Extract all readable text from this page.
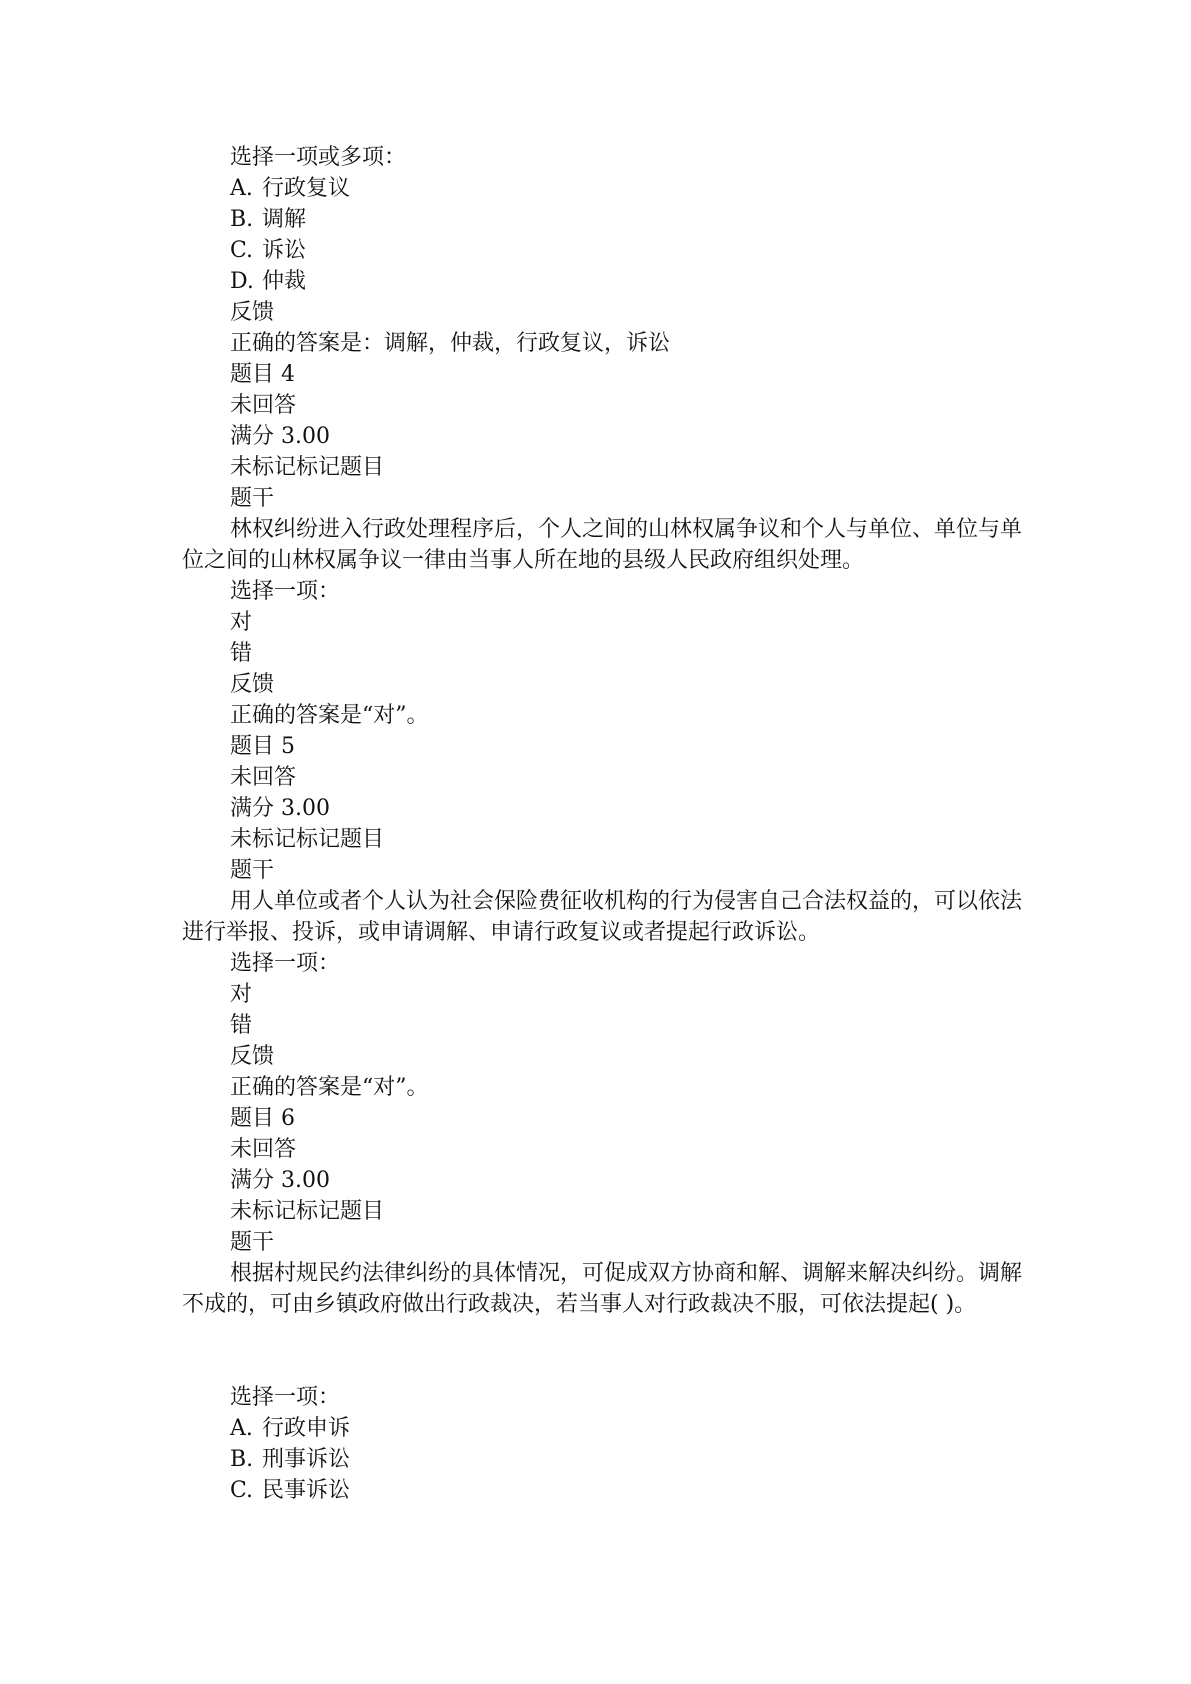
选择一项或多项：
A. 行政复议
B. 调解
C. 诉讼
D. 仲裁
反馈
正确的答案是：调解，仲裁，行政复议，诉讼
题目 4
未回答
满分 3.00
未标记标记题目
题干
林权纠纷进入行政处理程序后，个人之间的山林权属争议和个人与单位、单位与单位之间的山林权属争议一律由当事人所在地的县级人民政府组织处理。
选择一项：
对
错
反馈
正确的答案是“对”。
题目 5
未回答
满分 3.00
未标记标记题目
题干
用人单位或者个人认为社会保险费征收机构的行为侵害自己合法权益的，可以依法进行举报、投诉，或申请调解、申请行政复议或者提起行政诉讼。
选择一项：
对
错
反馈
正确的答案是“对”。
题目 6
未回答
满分 3.00
未标记标记题目
题干
根据村规民约法律纠纷的具体情况，可促成双方协商和解、调解来解决纠纷。调解不成的，可由乡镇政府做出行政裁决，若当事人对行政裁决不服，可依法提起( )。
选择一项：
A. 行政申诉
B. 刑事诉讼
C. 民事诉讼
